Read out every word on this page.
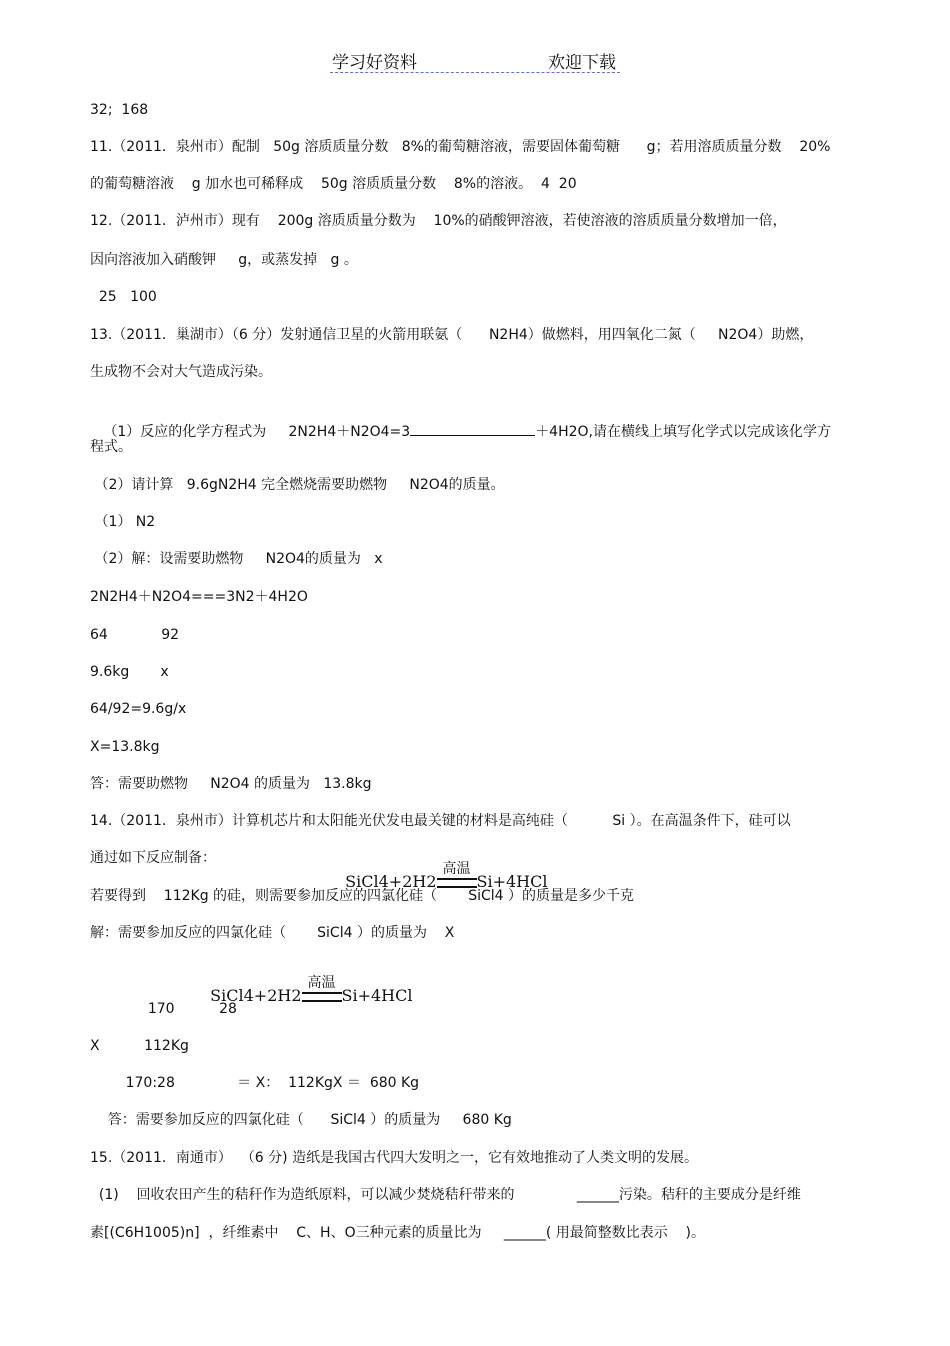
学习好资料	欢迎下载
32;  168
11.（2011．泉州市）配制   50g 溶质质量分数   8%的葡萄糖溶液，需要固体葡萄糖      g；若用溶质质量分数    20%
的葡萄糖溶液    g 加水也可稀释成    50g 溶质质量分数    8%的溶液。  4  20
12.（2011．泸州市）现有    200g 溶质质量分数为    10%的硝酸钾溶液，若使溶液的溶质质量分数增加一倍，
因向溶液加入硝酸钾     g，或蒸发掉   g 。
25   100
13.（2011．巢湖市）（6 分）发射通信卫星的火箭用联氨（      N2H4）做燃料，用四氧化二氮（     N2O4）助燃，
生成物不会对大气造成污染。

（1）反应的化学方程式为     2N2H4＋N2O4=3	＋4H2O,请在横线上填写化学式以完成该化学方

程式。
（2）请计算   9.6gN2H4 完全燃烧需要助燃物     N2O4的质量。
（1） N2
（2）解：设需要助燃物     N2O4的质量为   x
2N2H4＋N2O4===3N2＋4H2O
64            92
9.6kg       x
64/92=9.6g/x
X=13.8kg
答：需要助燃物     N2O4 的质量为   13.8kg
14.（2011．泉州市）计算机芯片和太阳能光伏发电最关键的材料是高纯硅（          Si ）。在高温条件下，硅可以
通过如下反应制备：

SiCl4+2H2
高温
Si+4HCl

若要得到    112Kg 的硅，则需要参加反应的四氯化硅（       SiCl4 ）的质量是多少千克
解：需要参加反应的四氯化硅（       SiCl4 ）的质量为    X

SiCl4+2H2
高温
Si+4HCl

170          28
X          112Kg
170:28              ＝ X：  112KgX ＝  680 Kg
答：需要参加反应的四氯化硅（      SiCl4 ）的质量为     680 Kg
15.（2011．南通市）  （6 分) 造纸是我国古代四大发明之一，它有效地推动了人类文明的发展。
(1)    回收农田产生的秸秆作为造纸原料，可以减少焚烧秸秆带来的              ______污染。秸秆的主要成分是纤维
素[(C6H1005)n]  ，纤维素中    C、H、O三种元素的质量比为     ______( 用最简整数比表示    )。
